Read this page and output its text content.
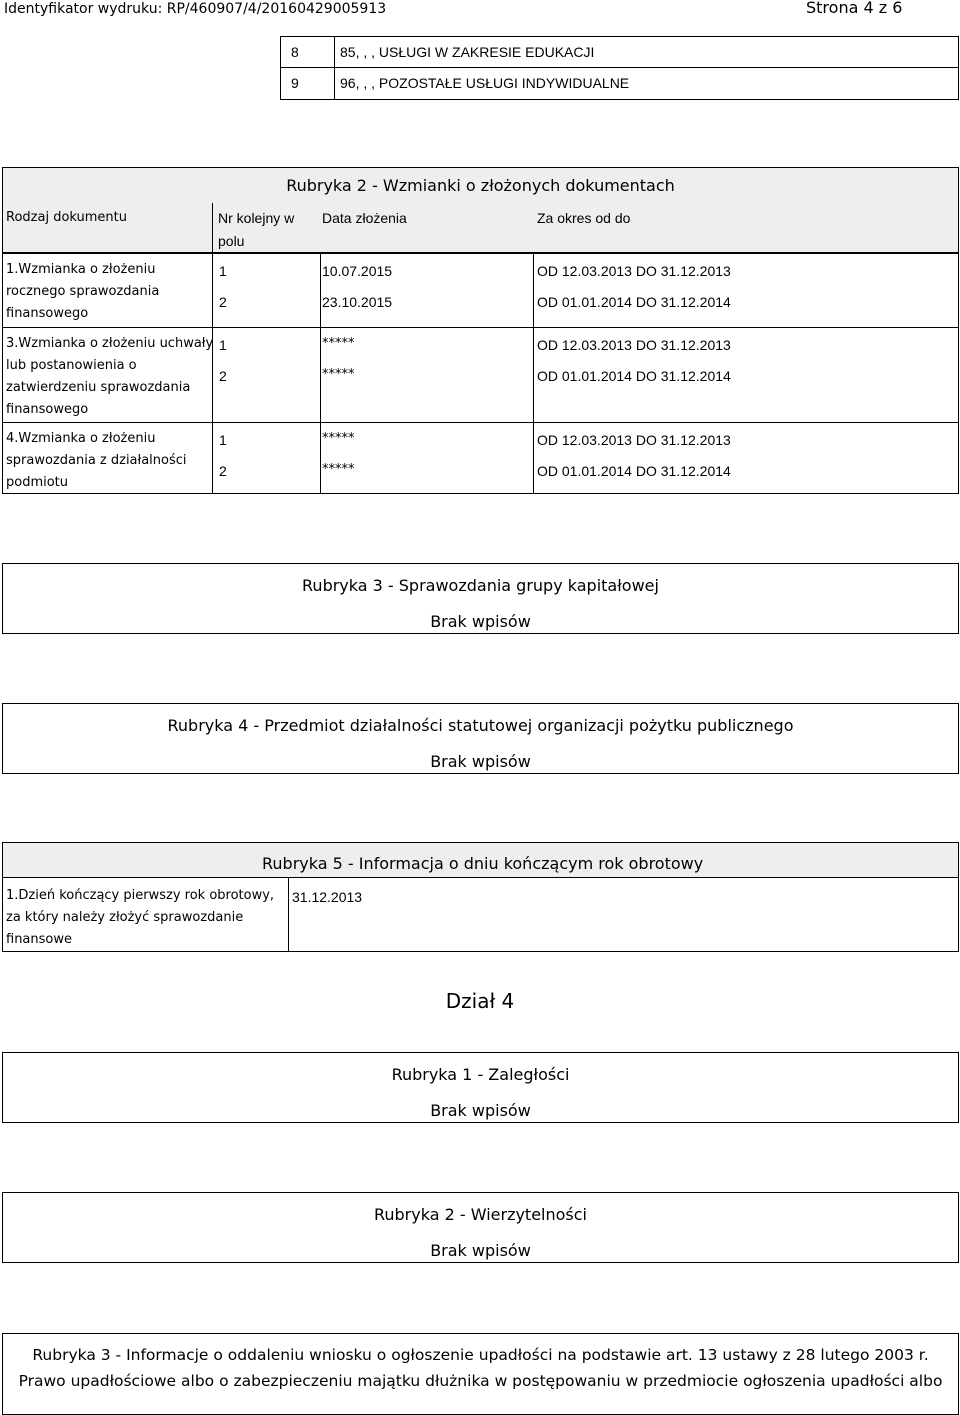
Identyfikator wydruku: RP/460907/4/20160429005913	Strona 4 z 6
8	85, , , USŁUGI W ZAKRESIE EDUKACJI
9	96, , , POZOSTAŁE USŁUGI INDYWIDUALNE
Rubryka 2 - Wzmianki o złożonych dokumentach
Rodzaj dokumentu	Nr kolejny w
polu
Data złożenia	Za okres od do
1.Wzmianka o złożeniu
rocznego sprawozdania
finansowego
1	10.07.2015	OD 12.03.2013 DO 31.12.2013
2	23.10.2015	OD 01.01.2014 DO 31.12.2014
3.Wzmianka o złożeniu uchwały
lub postanowienia o
zatwierdzeniu sprawozdania
finansowego
1	*****	OD 12.03.2013 DO 31.12.2013
2	*****	OD 01.01.2014 DO 31.12.2014
4.Wzmianka o złożeniu
sprawozdania z działalności
podmiotu
1	*****	OD 12.03.2013 DO 31.12.2013
2	*****	OD 01.01.2014 DO 31.12.2014
Rubryka 3 - Sprawozdania grupy kapitałowej
Brak wpisów
Rubryka 4 - Przedmiot działalności statutowej organizacji pożytku publicznego
Brak wpisów
Rubryka 5 - Informacja o dniu kończącym rok obrotowy
1.Dzień kończący pierwszy rok obrotowy,
za który należy złożyć sprawozdanie
finansowe
31.12.2013
Dział 4
Rubryka 1 - Zaległości
Brak wpisów
Rubryka 2 - Wierzytelności
Brak wpisów
Rubryka 3 - Informacje o oddaleniu wniosku o ogłoszenie upadłości na podstawie art. 13 ustawy z 28 lutego 2003 r.
Prawo upadłościowe albo o zabezpieczeniu majątku dłużnika w postępowaniu w przedmiocie ogłoszenia upadłości albo
